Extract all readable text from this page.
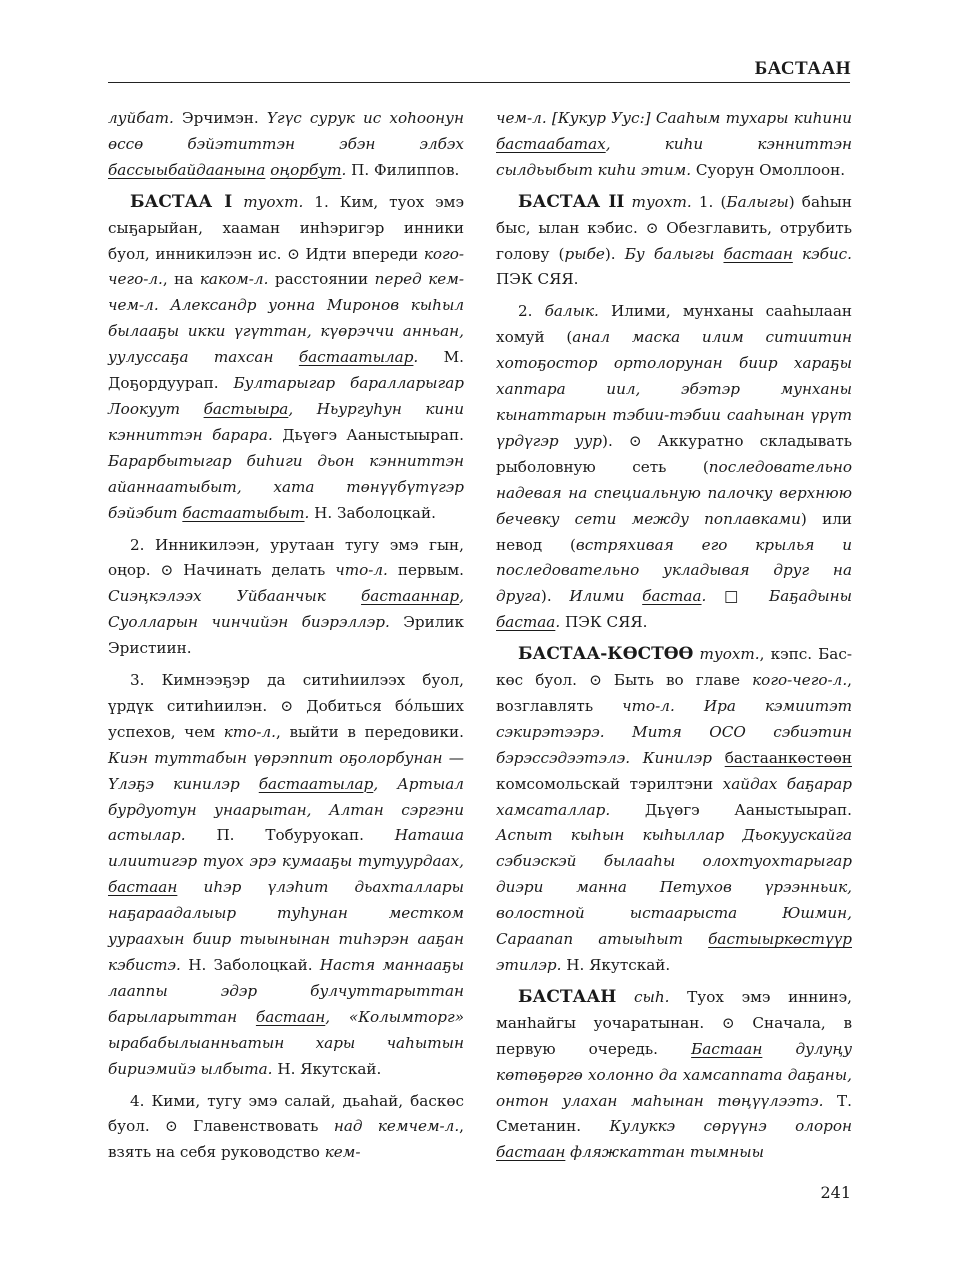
БАСТААН

луйбат. Эрчимэн. Үгүс сурук ис хоhоонун өссө бэйэтиттэн эбэн элбэх бассыыбайдаанына оңорбут. П. Филиппов.

БАСТАА I туохт. 1. Ким, туох эмэ сыҕарыйан, хааман инhэригэр инники буол, инникилээн ис. ⊙ Идти впереди кого-чего-л., на каком-л. расстоянии перед кем-чем-л. Александр уонна Миронов кыhыл былааҕы икки үгүттан, күөрэччи анньан, уулуссаҕа тахсан бастаатылар. М. Доҕордуурап. Бултарыгар баралларыгар Лоокуут бастыыра, Ньургуhун кини кэнниттэн барара. Дьүөгэ Ааныстыырап. Барарбытыгар биhиги дьон кэнниттэн айаннаатыбыт, хата төнүүбүтүгэр бэйэбит бастаатыбыт. Н. Заболоцкай.

2. Инникилээн, урутаан тугу эмэ гын, оңор. ⊙ Начинать делать что-л. первым. Сиэңкэлээх Уйбаанчык бастааннар, Суолларын чинчийэн биэрэллэр. Эрилик Эристиин.

3. Кимнээҕэр да ситиhиилээх буол, үрдүк ситиhиилэн. ⊙ Добиться бóльших успехов, чем кто-л., выйти в передовики. Киэн туттабын үөрэппит оҕолорбунан — Үлэҕэ кинилэр бастаатылар, Артыал бурдуотун унаарытан, Алтан сэргэни астылар. П. Тобуруокап. Наташа илиитигэр туох эрэ кумааҕы тутуурдаах, бастаан иhэр үлэhит дьахталлары наҕараадалыыр туhунан местком уураахын биир тыынынан тиhэрэн ааҕан кэбистэ. Н. Заболоцкай. Настя маннааҕы лааппы эдэр булчуттарыттан барыларыттан бастаан, «Колымторг» ырабабылыанньатын хары чаhытын бириэмийэ ылбыта. Н. Якутскай.

4. Кими, тугу эмэ салай, дьаhай, баскөс буол. ⊙ Главенствовать над кемчем-л., взять на себя руководство кем-

чем-л. [Кукур Уус:] Сааhым тухары киhини бастаабатах, киhи кэнниттэн сылдьыбыт киhи этим. Суорун Омоллоон.

БАСТАА II туохт. 1. (Балыгы) баhын быс, ылан кэбис. ⊙ Обезглавить, отрубить голову (рыбе). Бу балыгы бастаан кэбис. ПЭК СЯЯ.

2. балык. Илими, мунханы сааhылаан хомуй (анал маска илим ситиитин хотоҕостор ортолорунан биир хараҕы хаптара иил, эбэтэр мунханы кынаттарын тэбии-тэбии сааhынан үрүт үрдүгэр уур). ⊙ Аккуратно складывать рыболовную сеть (последовательно надевая на специальную палочку верхнюю бечевку сети между поплавками) или невод (встряхивая его крылья и последовательно укладывая друг на друга). Илими бастаа. □ Баҕадыны бастаа. ПЭК СЯЯ.

БАСТАА-КӨСТӨӨ туохт., кэпс. Бас-көс буол. ⊙ Быть во главе кого-чего-л., возглавлять что-л. Ира кэмиитэт сэкирэтээрэ. Митя ОСО сэбиэтин бэрэссэдээтэлэ. Кинилэр бастаанкөстөөн комсомольскай тэрилтэни хайдах баҕарар хамсаталлар. Дьүөгэ Ааныстыырап. Аспыт кыhын кыhыллар Дьокуускайга сэбиэскэй былааhы олохтуохтарыгар диэри манна Петухов үрээнньик, волостной ыстаарыста Юшмин, Сараапап атыыhыт бастыыркөстүүр этилэр. Н. Якутскай.

БАСТААН сыh. Туох эмэ иннинэ, манhайгы уочаратынан. ⊙ Сначала, в первую очередь. Бастаан дулуңу көтөҕөргө холонно да хамсаппата даҕаны, онтон улахан маhынан төңүүлээтэ. Т. Сметанин. Кулуккэ сөрүүнэ олорон бастаан фляжкаттан тымныы

241
